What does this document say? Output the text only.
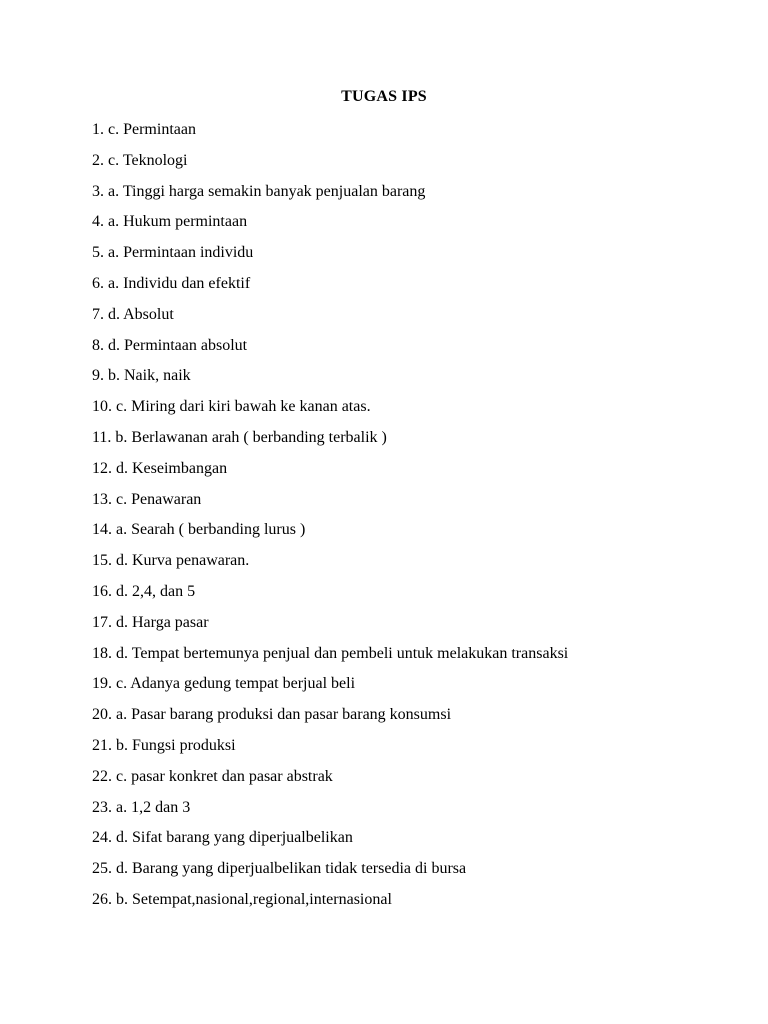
TUGAS IPS
1. c. Permintaan
2. c. Teknologi
3. a. Tinggi harga semakin banyak penjualan barang
4. a. Hukum permintaan
5. a. Permintaan individu
6. a. Individu dan efektif
7. d. Absolut
8. d. Permintaan absolut
9. b. Naik, naik
10. c. Miring dari kiri bawah ke kanan atas.
11. b. Berlawanan arah ( berbanding terbalik )
12. d. Keseimbangan
13. c. Penawaran
14. a. Searah ( berbanding lurus )
15. d. Kurva penawaran.
16. d. 2,4, dan 5
17. d. Harga pasar
18. d. Tempat bertemunya penjual dan pembeli untuk melakukan transaksi
19. c. Adanya gedung tempat berjual beli
20. a. Pasar barang produksi dan pasar barang konsumsi
21. b. Fungsi produksi
22. c. pasar konkret dan pasar abstrak
23. a. 1,2 dan 3
24. d. Sifat barang yang diperjualbelikan
25. d. Barang yang diperjualbelikan tidak tersedia di bursa
26. b. Setempat,nasional,regional,internasional
